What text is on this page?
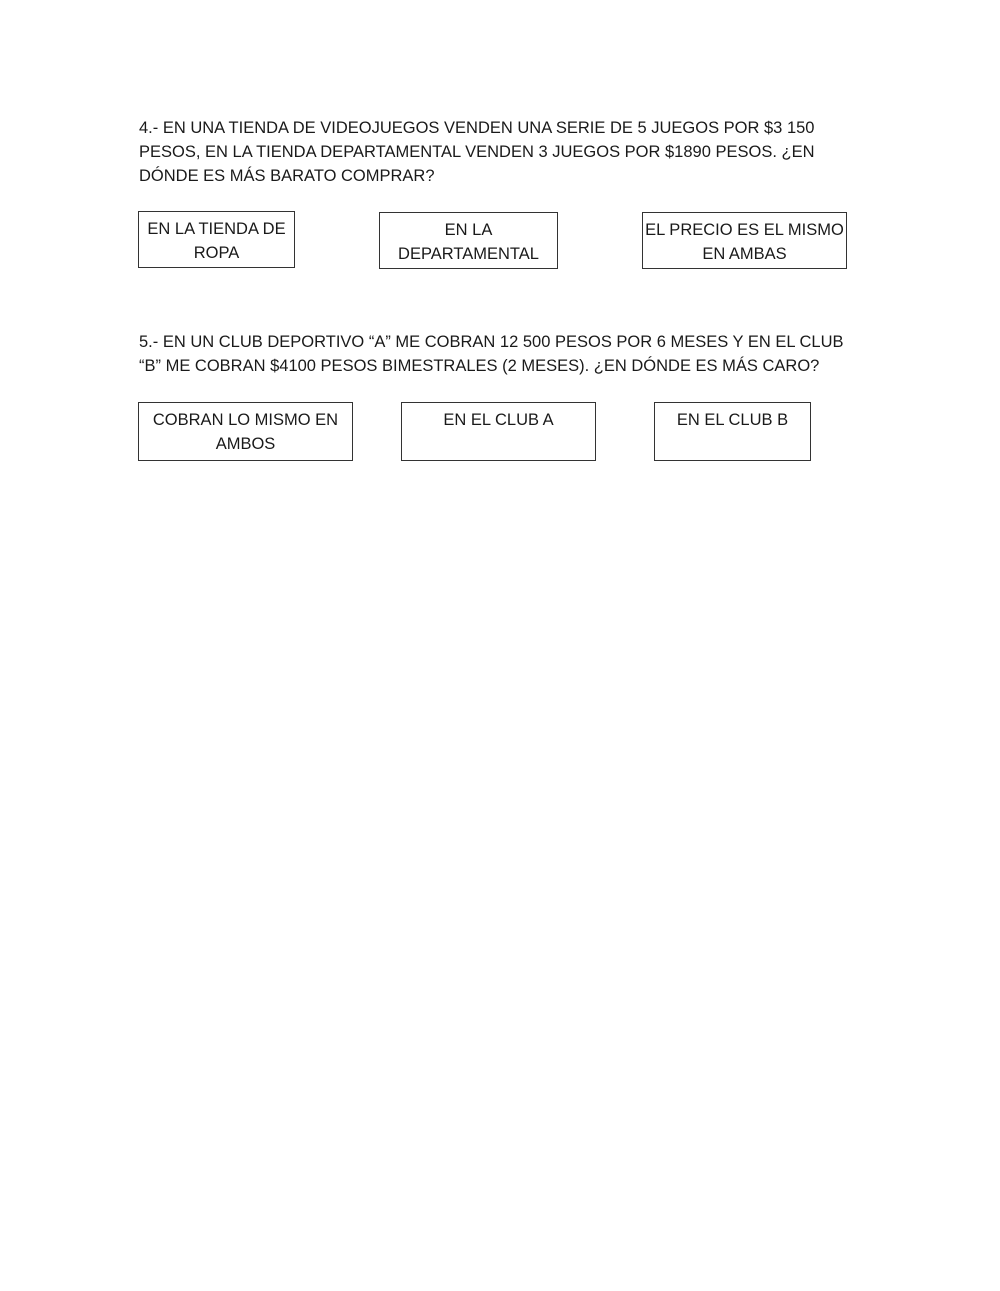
4.- EN UNA TIENDA DE VIDEOJUEGOS VENDEN UNA SERIE DE 5 JUEGOS POR $3 150 PESOS, EN LA TIENDA DEPARTAMENTAL VENDEN 3 JUEGOS POR $1890 PESOS. ¿EN DÓNDE ES MÁS BARATO COMPRAR?

EN LA TIENDA DE ROPA
EN LA DEPARTAMENTAL
EL PRECIO ES EL MISMO EN AMBAS

5.- EN UN CLUB DEPORTIVO “A” ME COBRAN 12 500 PESOS POR 6 MESES Y EN EL CLUB “B” ME COBRAN $4100 PESOS BIMESTRALES (2 MESES). ¿EN DÓNDE ES MÁS CARO?

COBRAN LO MISMO EN AMBOS
EN EL CLUB A	EN EL CLUB B
